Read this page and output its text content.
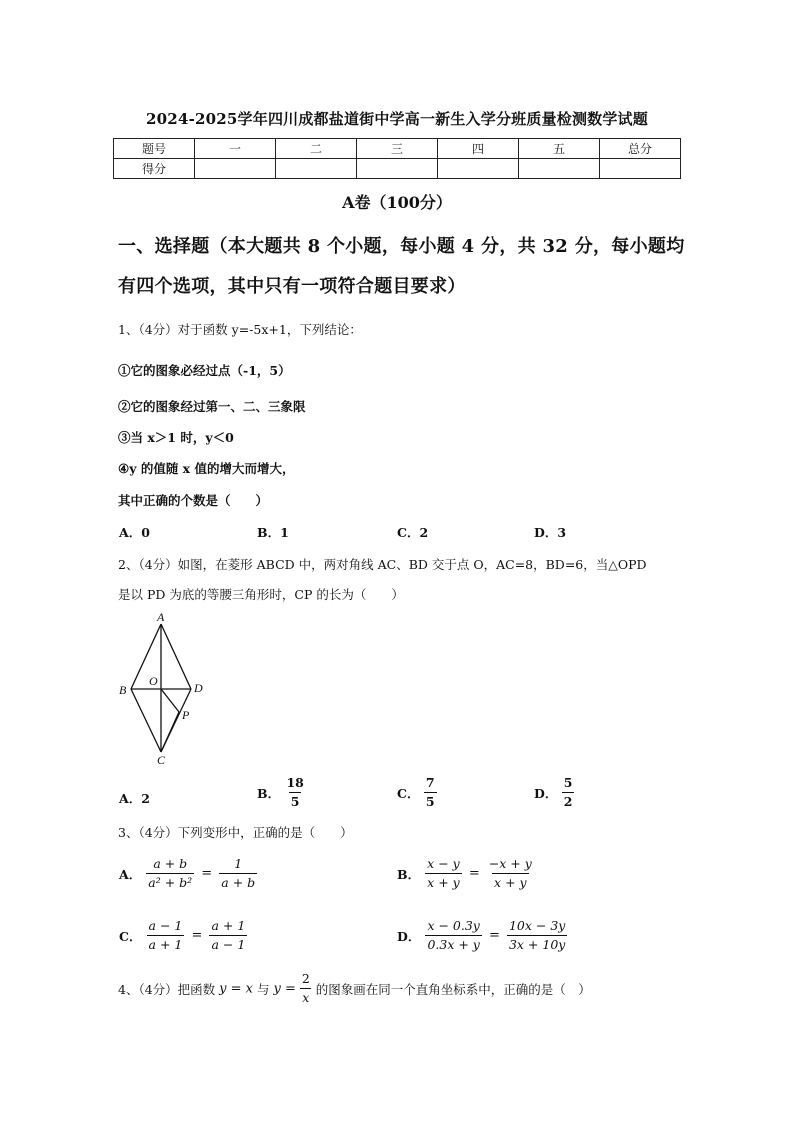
2024-2025学年四川成都盐道街中学高一新生入学分班质量检测数学试题
题号	一	二	三	四	五	总分
得分						
A卷（100分）
一、选择题（本大题共 8 个小题，每小题 4 分，共 32 分，每小题均
有四个选项，其中只有一项符合题目要求）
1、（4分）对于函数 y=-5x+1，下列结论：
①它的图象必经过点（-1，5）
②它的图象经过第一、二、三象限
③当 x＞1 时，y＜0
④y 的值随 x 值的增大而增大，
其中正确的个数是（　　）
A．0	B．1	C．2	D．3
2、（4分）如图，在菱形 ABCD 中，两对角线 AC、BD 交于点 O，AC=8，BD=6，当△OPD
是以 PD 为底的等腰三角形时，CP 的长为（　　）
A
B
O	D
P
C
A．2	B． $\frac{18}{5}$	C． $\frac{7}{5}$	D． $\frac{5}{2}$
3、（4分）下列变形中，正确的是（　　）
A． $\frac{a + b}{\text{a² + b²}} = \frac{1}{a + b}$	B． $\frac{x - y}{x + y} = \frac{-x + y}{x + y}$
C． $\frac{a - 1}{a + 1} = \frac{a + 1}{a - 1}$	D． $\frac{x - 0.3y}{0.3x + y} = \frac{10x - 3y}{3x + 10y}$
4、（4分）把函数 y = x 与 $y = \frac{2}{x}$ 的图象画在同一个直角坐标系中，正确的是（　）
